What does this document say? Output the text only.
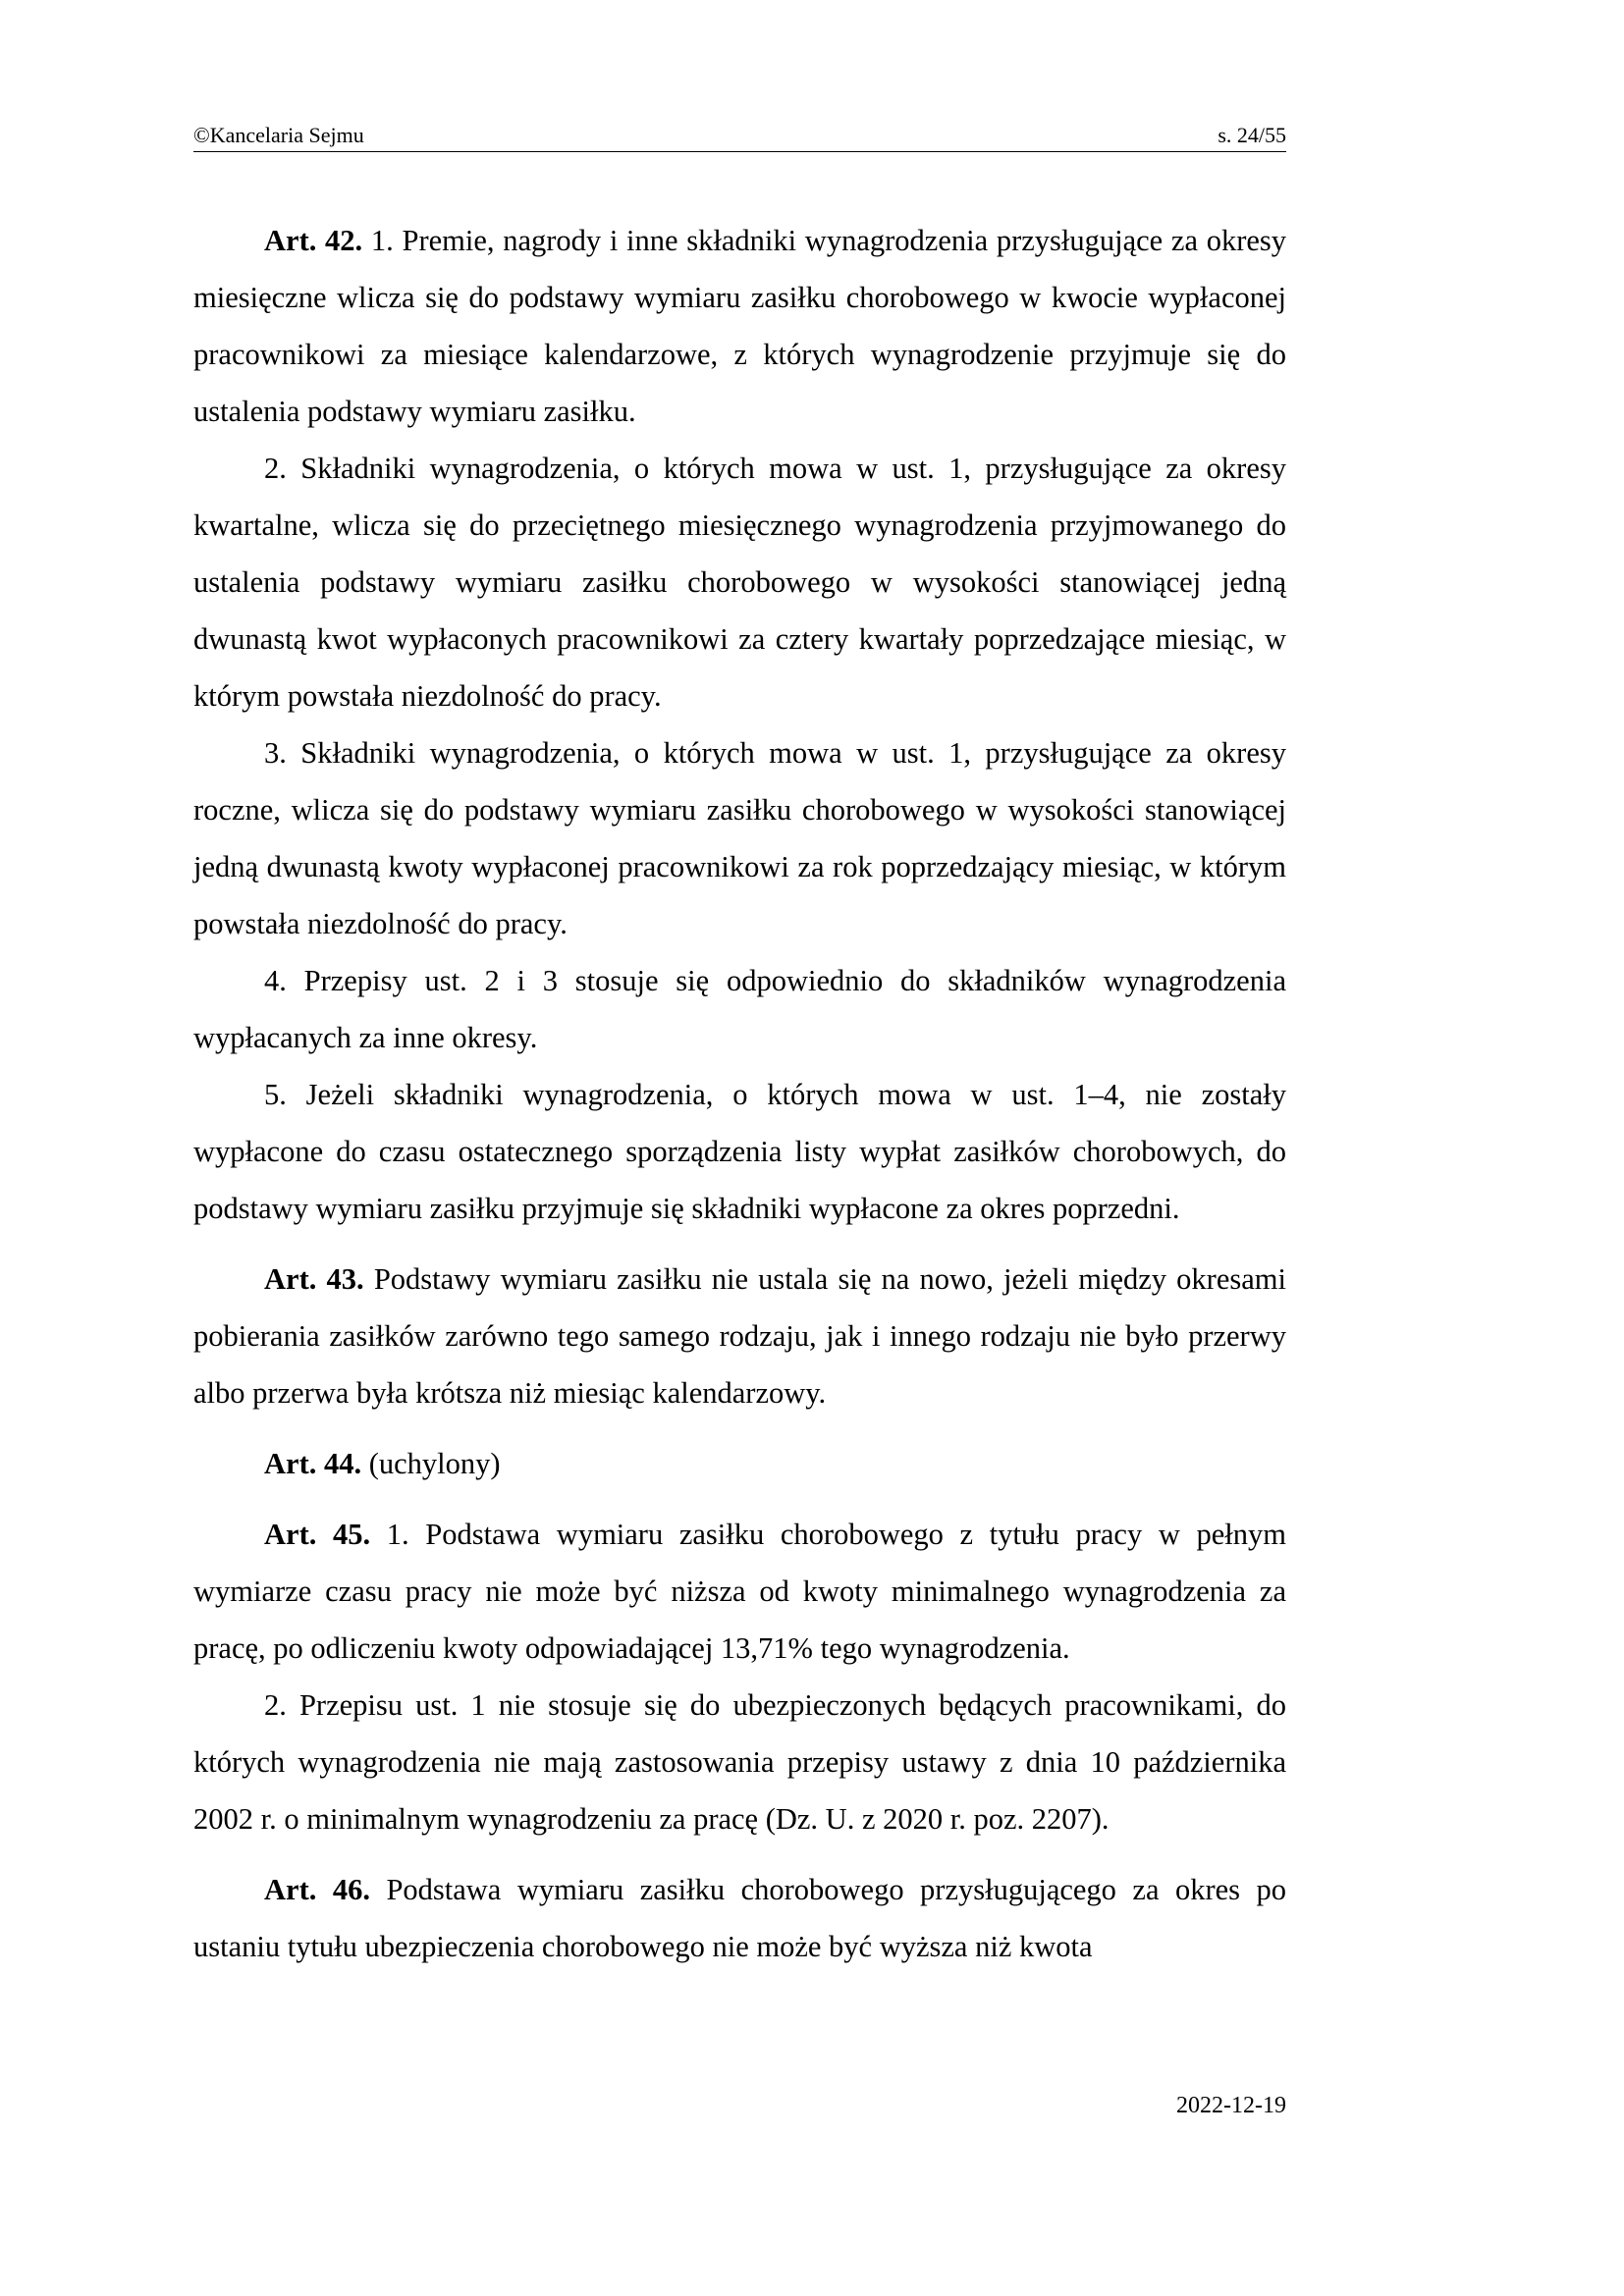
©Kancelaria Sejmu	s. 24/55

Art. 42. 1. Premie, nagrody i inne składniki wynagrodzenia przysługujące za okresy miesięczne wlicza się do podstawy wymiaru zasiłku chorobowego w kwocie wypłaconej pracownikowi za miesiące kalendarzowe, z których wynagrodzenie przyjmuje się do ustalenia podstawy wymiaru zasiłku.

2. Składniki wynagrodzenia, o których mowa w ust. 1, przysługujące za okresy kwartalne, wlicza się do przeciętnego miesięcznego wynagrodzenia przyjmowanego do ustalenia podstawy wymiaru zasiłku chorobowego w wysokości stanowiącej jedną dwunastą kwot wypłaconych pracownikowi za cztery kwartały poprzedzające miesiąc, w którym powstała niezdolność do pracy.

3. Składniki wynagrodzenia, o których mowa w ust. 1, przysługujące za okresy roczne, wlicza się do podstawy wymiaru zasiłku chorobowego w wysokości stanowiącej jedną dwunastą kwoty wypłaconej pracownikowi za rok poprzedzający miesiąc, w którym powstała niezdolność do pracy.

4. Przepisy ust. 2 i 3 stosuje się odpowiednio do składników wynagrodzenia wypłacanych za inne okresy.

5. Jeżeli składniki wynagrodzenia, o których mowa w ust. 1–4, nie zostały wypłacone do czasu ostatecznego sporządzenia listy wypłat zasiłków chorobowych, do podstawy wymiaru zasiłku przyjmuje się składniki wypłacone za okres poprzedni.

Art. 43. Podstawy wymiaru zasiłku nie ustala się na nowo, jeżeli między okresami pobierania zasiłków zarówno tego samego rodzaju, jak i innego rodzaju nie było przerwy albo przerwa była krótsza niż miesiąc kalendarzowy.

Art. 44. (uchylony)

Art. 45. 1. Podstawa wymiaru zasiłku chorobowego z tytułu pracy w pełnym wymiarze czasu pracy nie może być niższa od kwoty minimalnego wynagrodzenia za pracę, po odliczeniu kwoty odpowiadającej 13,71% tego wynagrodzenia.

2. Przepisu ust. 1 nie stosuje się do ubezpieczonych będących pracownikami, do których wynagrodzenia nie mają zastosowania przepisy ustawy z dnia 10 października 2002 r. o minimalnym wynagrodzeniu za pracę (Dz. U. z 2020 r. poz. 2207).

Art. 46. Podstawa wymiaru zasiłku chorobowego przysługującego za okres po ustaniu tytułu ubezpieczenia chorobowego nie może być wyższa niż kwota

2022-12-19
